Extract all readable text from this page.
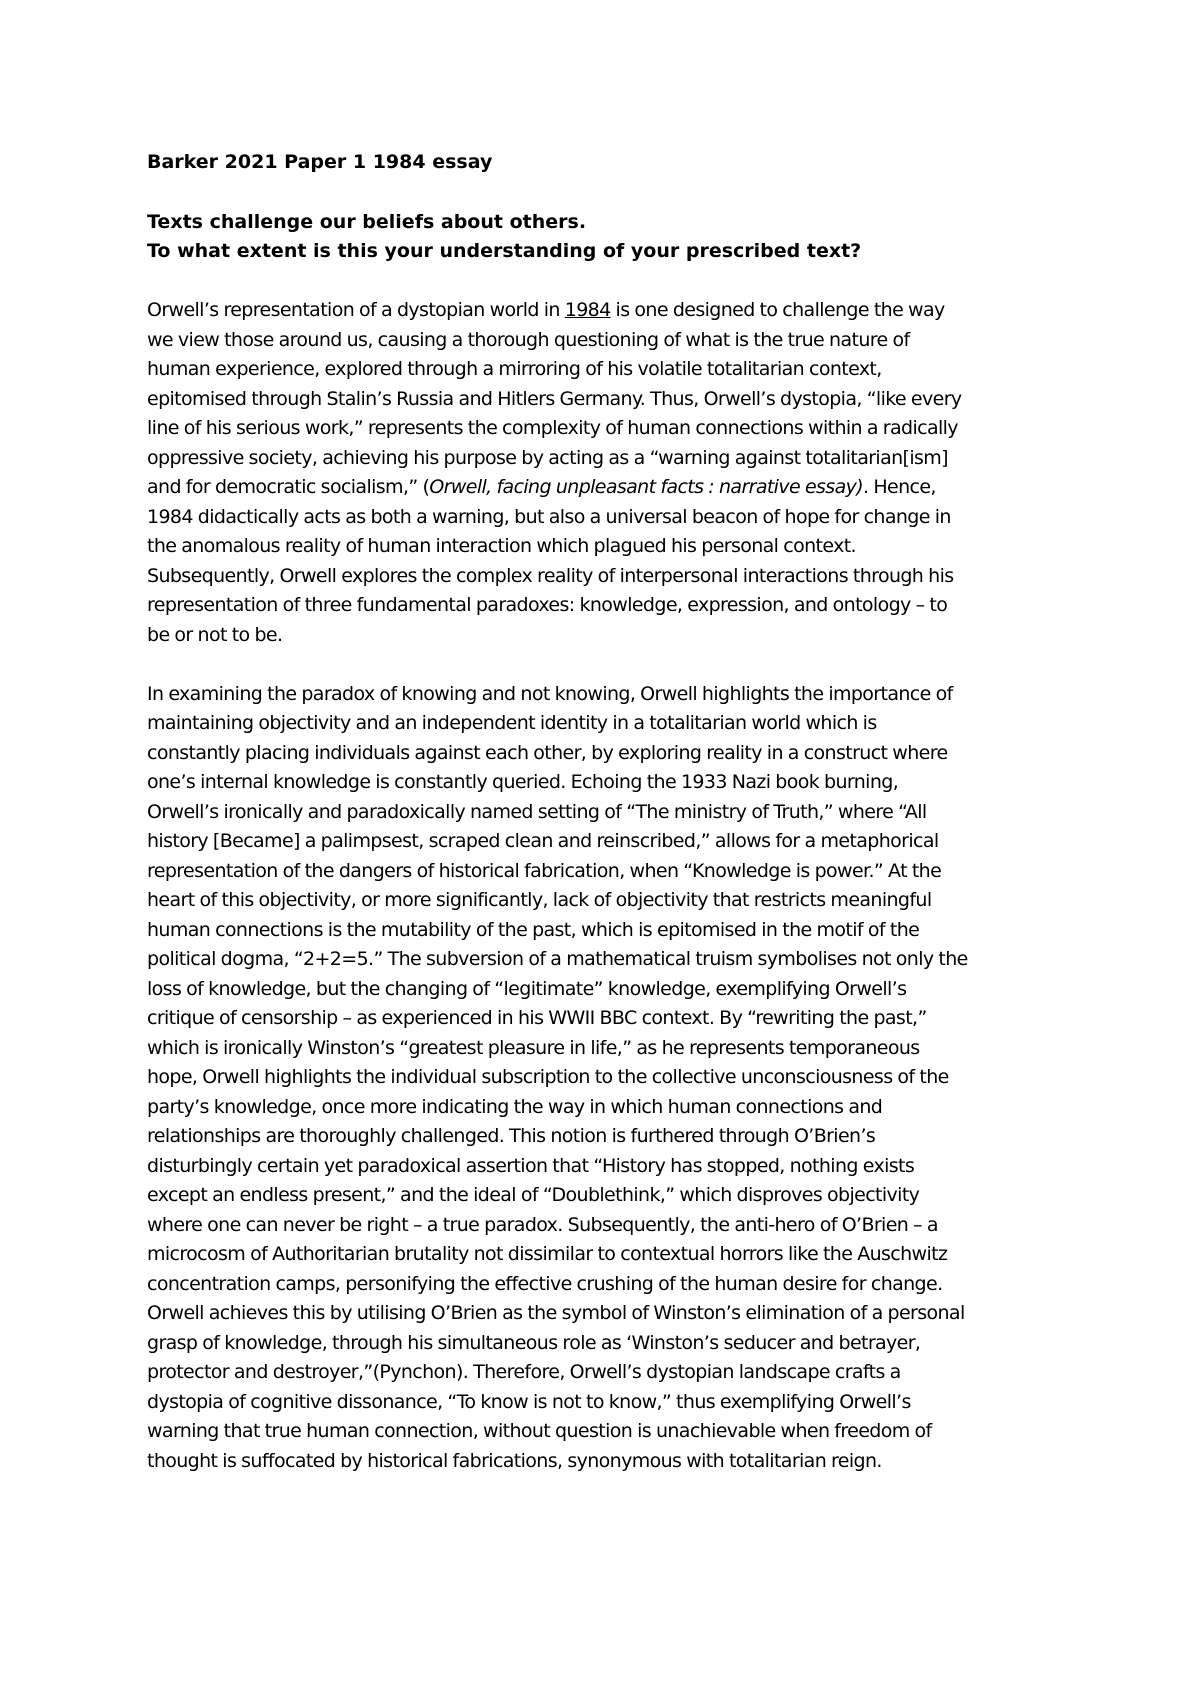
Barker 2021 Paper 1 1984 essay

Texts challenge our beliefs about others.
To what extent is this your understanding of your prescribed text?

Orwell’s representation of a dystopian world in 1984 is one designed to challenge the way
we view those around us, causing a thorough questioning of what is the true nature of
human experience, explored through a mirroring of his volatile totalitarian context,
epitomised through Stalin’s Russia and Hitlers Germany. Thus, Orwell’s dystopia, “like every
line of his serious work,” represents the complexity of human connections within a radically
oppressive society, achieving his purpose by acting as a “warning against totalitarian[ism]
and for democratic socialism,” (Orwell, facing unpleasant facts : narrative essay). Hence,
1984 didactically acts as both a warning, but also a universal beacon of hope for change in
the anomalous reality of human interaction which plagued his personal context.
Subsequently, Orwell explores the complex reality of interpersonal interactions through his
representation of three fundamental paradoxes: knowledge, expression, and ontology – to
be or not to be.

In examining the paradox of knowing and not knowing, Orwell highlights the importance of
maintaining objectivity and an independent identity in a totalitarian world which is
constantly placing individuals against each other, by exploring reality in a construct where
one’s internal knowledge is constantly queried. Echoing the 1933 Nazi book burning,
Orwell’s ironically and paradoxically named setting of “The ministry of Truth,” where “All
history [Became] a palimpsest, scraped clean and reinscribed,” allows for a metaphorical
representation of the dangers of historical fabrication, when “Knowledge is power.” At the
heart of this objectivity, or more significantly, lack of objectivity that restricts meaningful
human connections is the mutability of the past, which is epitomised in the motif of the
political dogma, “2+2=5.” The subversion of a mathematical truism symbolises not only the
loss of knowledge, but the changing of “legitimate” knowledge, exemplifying Orwell’s
critique of censorship – as experienced in his WWII BBC context. By “rewriting the past,”
which is ironically Winston’s “greatest pleasure in life,” as he represents temporaneous
hope, Orwell highlights the individual subscription to the collective unconsciousness of the
party’s knowledge, once more indicating the way in which human connections and
relationships are thoroughly challenged. This notion is furthered through O’Brien’s
disturbingly certain yet paradoxical assertion that “History has stopped, nothing exists
except an endless present,” and the ideal of “Doublethink,” which disproves objectivity
where one can never be right – a true paradox. Subsequently, the anti-hero of O’Brien – a
microcosm of Authoritarian brutality not dissimilar to contextual horrors like the Auschwitz
concentration camps, personifying the effective crushing of the human desire for change.
Orwell achieves this by utilising O’Brien as the symbol of Winston’s elimination of a personal
grasp of knowledge, through his simultaneous role as ‘Winston’s seducer and betrayer,
protector and destroyer,”(Pynchon). Therefore, Orwell’s dystopian landscape crafts a
dystopia of cognitive dissonance, “To know is not to know,” thus exemplifying Orwell’s
warning that true human connection, without question is unachievable when freedom of
thought is suffocated by historical fabrications, synonymous with totalitarian reign.
